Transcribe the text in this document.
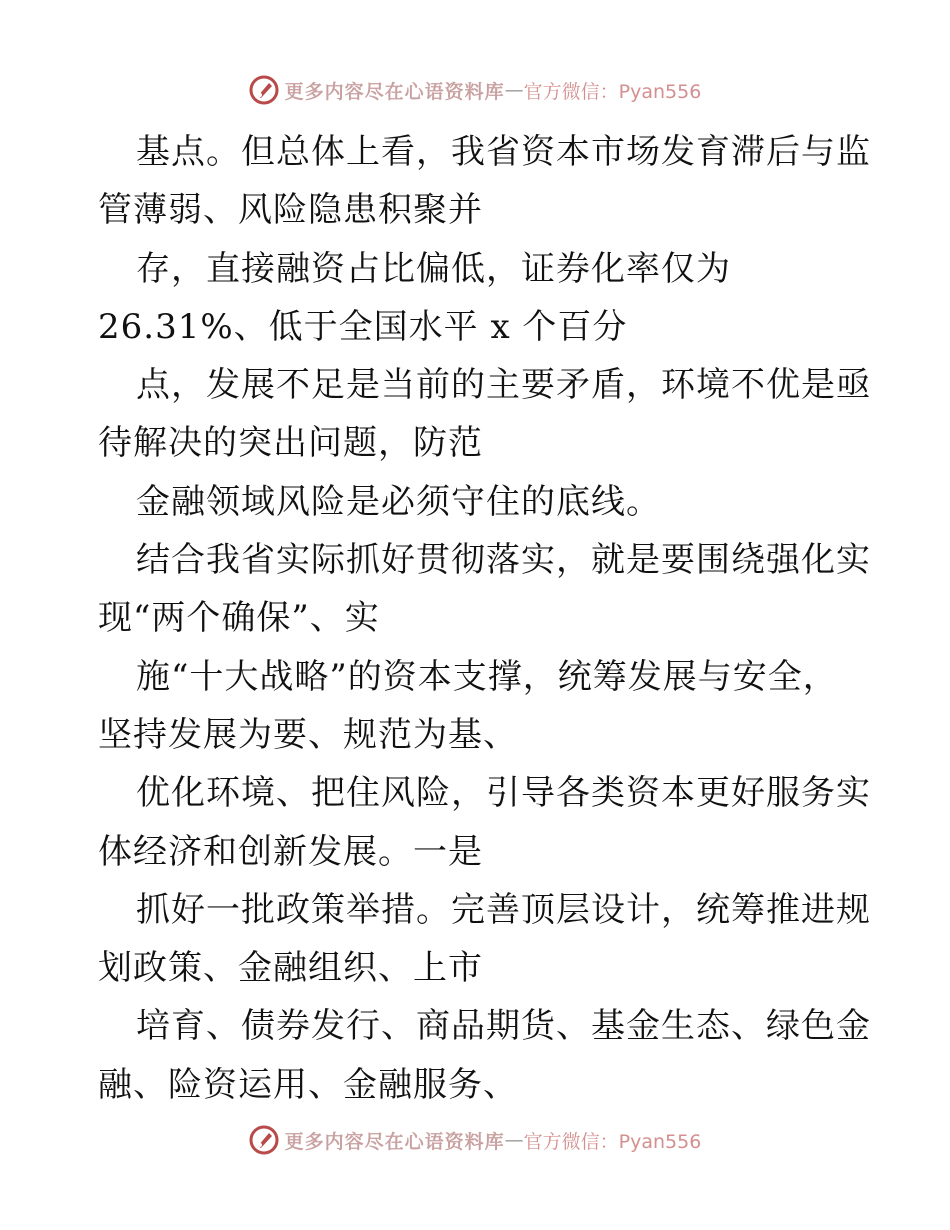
更多内容尽在心语资料库 — 官方微信：Pyan556
基点。但总体上看，我省资本市场发育滞后与监
管薄弱、风险隐患积聚并
存，直接融资占比偏低，证券化率仅为
26.31%、低于全国水平 x 个百分
点，发展不足是当前的主要矛盾，环境不优是亟
待解决的突出问题，防范
金融领域风险是必须守住的底线。
结合我省实际抓好贯彻落实，就是要围绕强化实
现“两个确保”、实
施“十大战略”的资本支撑，统筹发展与安全，
坚持发展为要、规范为基、
优化环境、把住风险，引导各类资本更好服务实
体经济和创新发展。一是
抓好一批政策举措。完善顶层设计，统筹推进规
划政策、金融组织、上市
培育、债券发行、商品期货、基金生态、绿色金
融、险资运用、金融服务、
更多内容尽在心语资料库 — 官方微信：Pyan556
